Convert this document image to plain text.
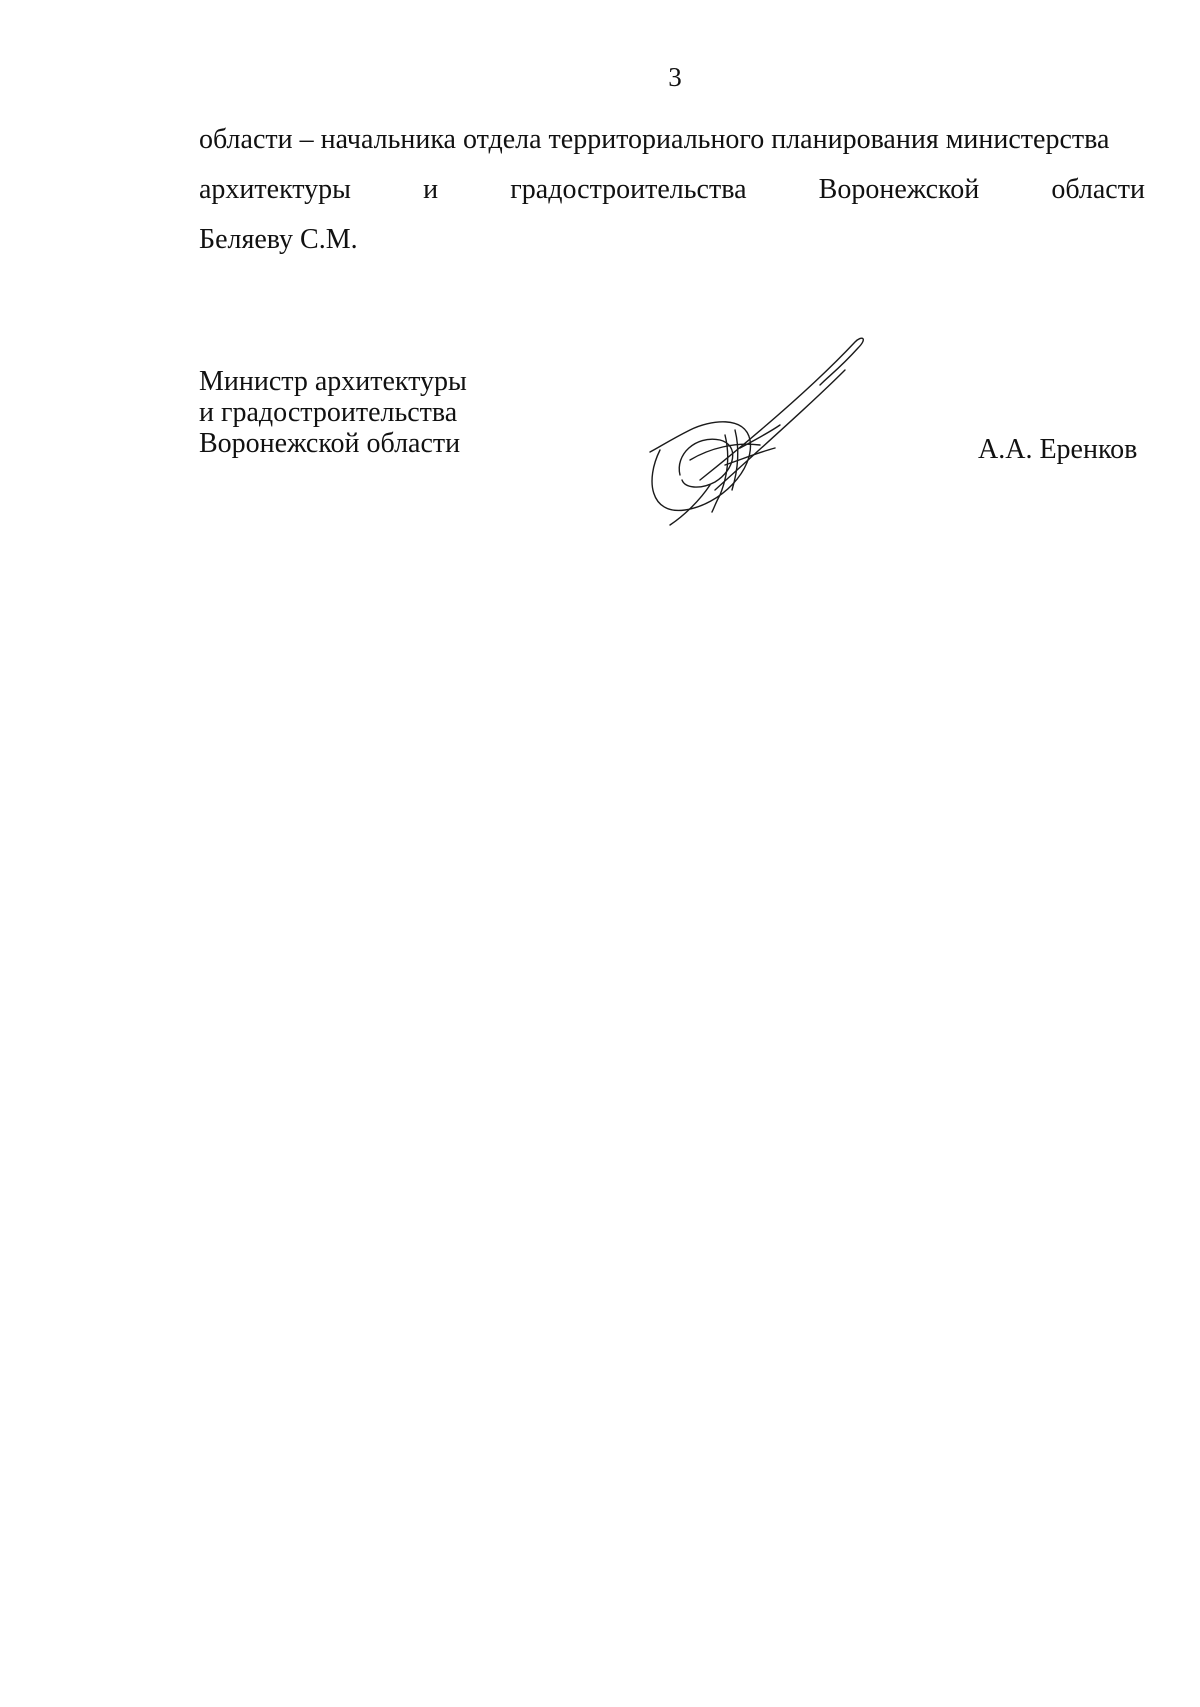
3
области – начальника отдела территориального планирования министерства
архитектуры	и	градостроительства	Воронежской	области
Беляеву С.М.
Министр архитектуры
и градостроительства
Воронежской области	А.А. Еренков
